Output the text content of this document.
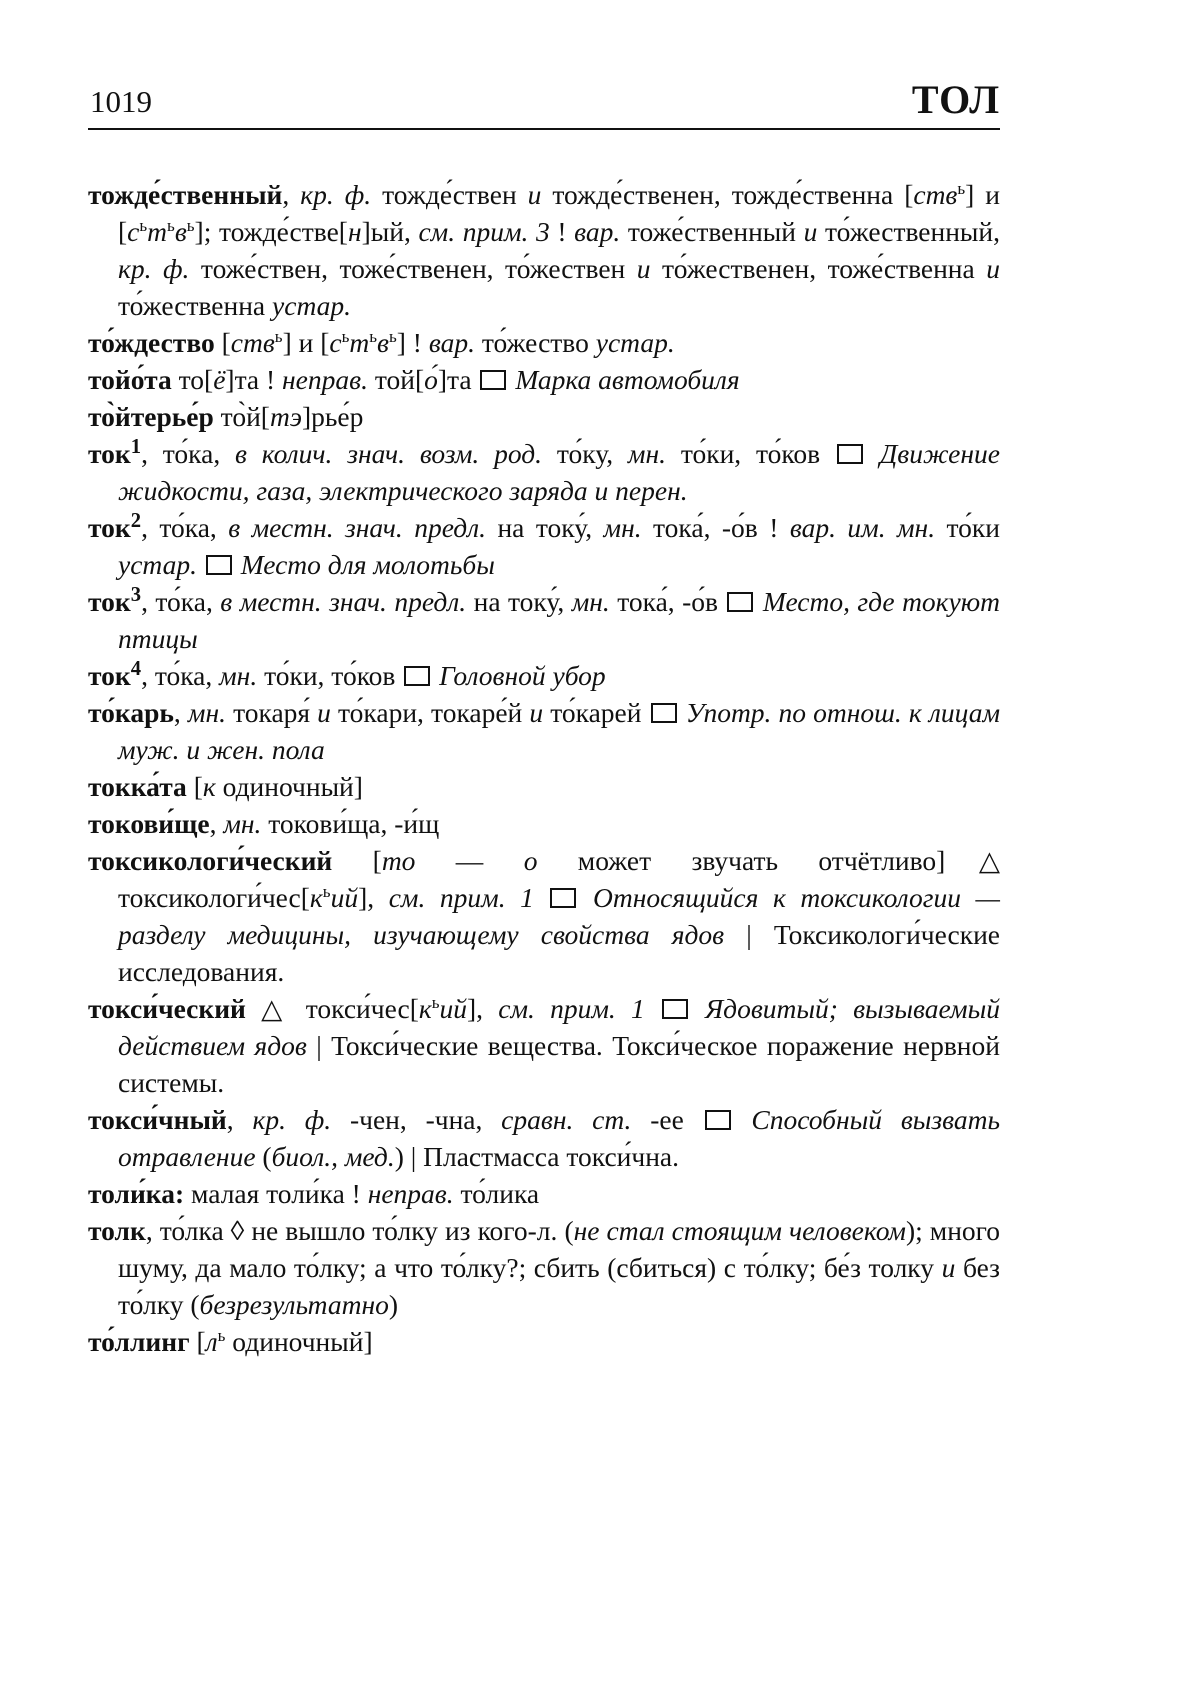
1019	ТОЛ
тожде́ственный, кр. ф. тожде́ствен и тожде́ственен, тожде́ственна [ств$^ь$] и $[с^ьт^ьв^ь]$; тожде́стве[н]ый, см. прим. 3 ! вар. тоже́ственный и то́жественный, кр. ф. тоже́ствен, тоже́ственен, то́жествен и то́жественен, тоже́ственна и то́жественна устар.
то́ждество [ств$^ь$] и $[с^ьт^ьв^ь]$ ! вар. то́жество устар.
тойо́та то[ё]та ! неправ. той[о́]та  Марка автомобиля
то̀йтерье́р то̀й[тэ]рье́р
ток$^1$, то́ка, в колич. знач. возм. род. то́ку, мн. то́ки, то́ков  Движение жидкости, газа, электрического заряда и перен.
ток$^2$, то́ка, в местн. знач. предл. на току́, мн. тока́, -о́в ! вар. им. мн. то́ки устар.  Место для молотьбы
ток$^3$, то́ка, в местн. знач. предл. на току́, мн. тока́, -о́в  Место, где токуют птицы
ток$^4$, то́ка, мн. то́ки, то́ков  Головной убор
то́карь, мн. токаря́ и то́кари, токаре́й и то́карей  Употр. по отнош. к лицам муж. и жен. пола
токка́та [к одиночный]
токови́ще, мн. токови́ща, -и́щ
токсикологи́ческий [то — о может звучать отчётливо]△ $токсикологи́чес[к^ьий]$, см. прим. 1  Относящийся к токсикологии — разделу медицины, изучающему свойства ядов | Токсикологи́ческие исследования.
токси́ческий △ $токси́чес[к^ьий]$, см. прим. 1  Ядовитый; вызываемый действием ядов | Токси́ческие вещества. Токси́ческое поражение нервной системы.
токси́чный, кр. ф. -чен, -чна, сравн. ст. -ее  Способный вызвать отравление (биол., мед.) | Пластмасса токси́чна.
толи́ка: малая толи́ка ! неправ. то́лика
толк, то́лка ◊ не вышло то́лку из кого-л. (не стал стоящим человеком); много шуму, да мало то́лку; а что то́лку?; сбить (сбиться) с то́лку; бе́з толку и без то́лку (безрезультатно)
то́ллинг [$л^ь$ одиночный]
